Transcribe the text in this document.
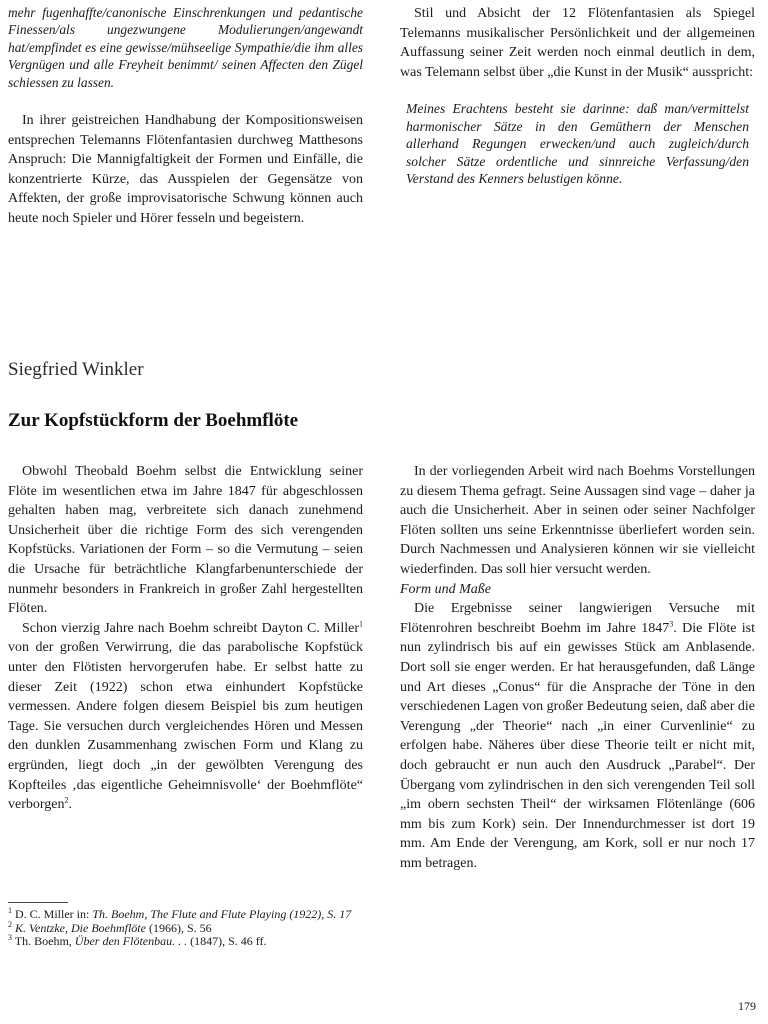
mehr fugenhaffte/canonische Einschrenkungen und pedantische Finessen/als ungezwungene Modulierungen/angewandt hat/empfindet es eine gewisse/mühseelige Sympathie/die ihm alles Vergnügen und alle Freyheit benimmt/ seinen Affecten den Zügel schiessen zu lassen.

In ihrer geistreichen Handhabung der Kompositionsweisen entsprechen Telemanns Flötenfantasien durchweg Matthesons Anspruch: Die Mannigfaltigkeit der Formen und Einfälle, die konzentrierte Kürze, das Ausspielen der Gegensätze von Affekten, der große improvisatorische Schwung können auch heute noch Spieler und Hörer fesseln und begeistern.

Stil und Absicht der 12 Flötenfantasien als Spiegel Telemanns musikalischer Persönlichkeit und der allgemeinen Auffassung seiner Zeit werden noch einmal deutlich in dem, was Telemann selbst über „die Kunst in der Musik“ ausspricht:

Meines Erachtens besteht sie darinne: daß man/vermittelst harmonischer Sätze in den Gemüthern der Menschen allerhand Regungen erwecken/und auch zugleich/durch solcher Sätze ordentliche und sinnreiche Verfassung/den Verstand des Kenners belustigen könne.

Siegfried Winkler
Zur Kopfstückform der Boehmflöte

Obwohl Theobald Boehm selbst die Entwicklung seiner Flöte im wesentlichen etwa im Jahre 1847 für abgeschlossen gehalten haben mag, verbreitete sich danach zunehmend Unsicherheit über die richtige Form des sich verengenden Kopfstücks. Variationen der Form – so die Vermutung – seien die Ursache für beträchtliche Klangfarbenunterschiede der nunmehr besonders in Frankreich in großer Zahl hergestellten Flöten.

Schon vierzig Jahre nach Boehm schreibt Dayton C. Miller$^1$ von der großen Verwirrung, die das parabolische Kopfstück unter den Flötisten hervorgerufen habe. Er selbst hatte zu dieser Zeit (1922) schon etwa einhundert Kopfstücke vermessen. Andere folgen diesem Beispiel bis zum heutigen Tage. Sie versuchen durch vergleichendes Hören und Messen den dunklen Zusammenhang zwischen Form und Klang zu ergründen, liegt doch „in der gewölbten Verengung des Kopfteiles ‚das eigentliche Geheimnisvolle‘ der Boehmflöte“ verborgen$^2$.

In der vorliegenden Arbeit wird nach Boehms Vorstellungen zu diesem Thema gefragt. Seine Aussagen sind vage – daher ja auch die Unsicherheit. Aber in seinen oder seiner Nachfolger Flöten sollten uns seine Erkenntnisse überliefert worden sein. Durch Nachmessen und Analysieren können wir sie vielleicht wiederfinden. Das soll hier versucht werden.

Form und Maße

Die Ergebnisse seiner langwierigen Versuche mit Flötenrohren beschreibt Boehm im Jahre 1847$^3$. Die Flöte ist nun zylindrisch bis auf ein gewisses Stück am Anblasende. Dort soll sie enger werden. Er hat herausgefunden, daß Länge und Art dieses „Conus“ für die Ansprache der Töne in den verschiedenen Lagen von großer Bedeutung seien, daß aber die Verengung „der Theorie“ nach „in einer Curvenlinie“ zu erfolgen habe. Näheres über diese Theorie teilt er nicht mit, doch gebraucht er nun auch den Ausdruck „Parabel“. Der Übergang vom zylindrischen in den sich verengenden Teil soll „im obern sechsten Theil“ der wirksamen Flötenlänge (606 mm bis zum Kork) sein. Der Innendurchmesser ist dort 19 mm. Am Ende der Verengung, am Kork, soll er nur noch 17 mm betragen.

$^1$ D. C. Miller in: Th. Boehm, The Flute and Flute Playing (1922), S. 17

$^2$ K. Ventzke, Die Boehmflöte (1966), S. 56

$^3$ Th. Boehm, Über den Flötenbau. . . (1847), S. 46 ff.

179
